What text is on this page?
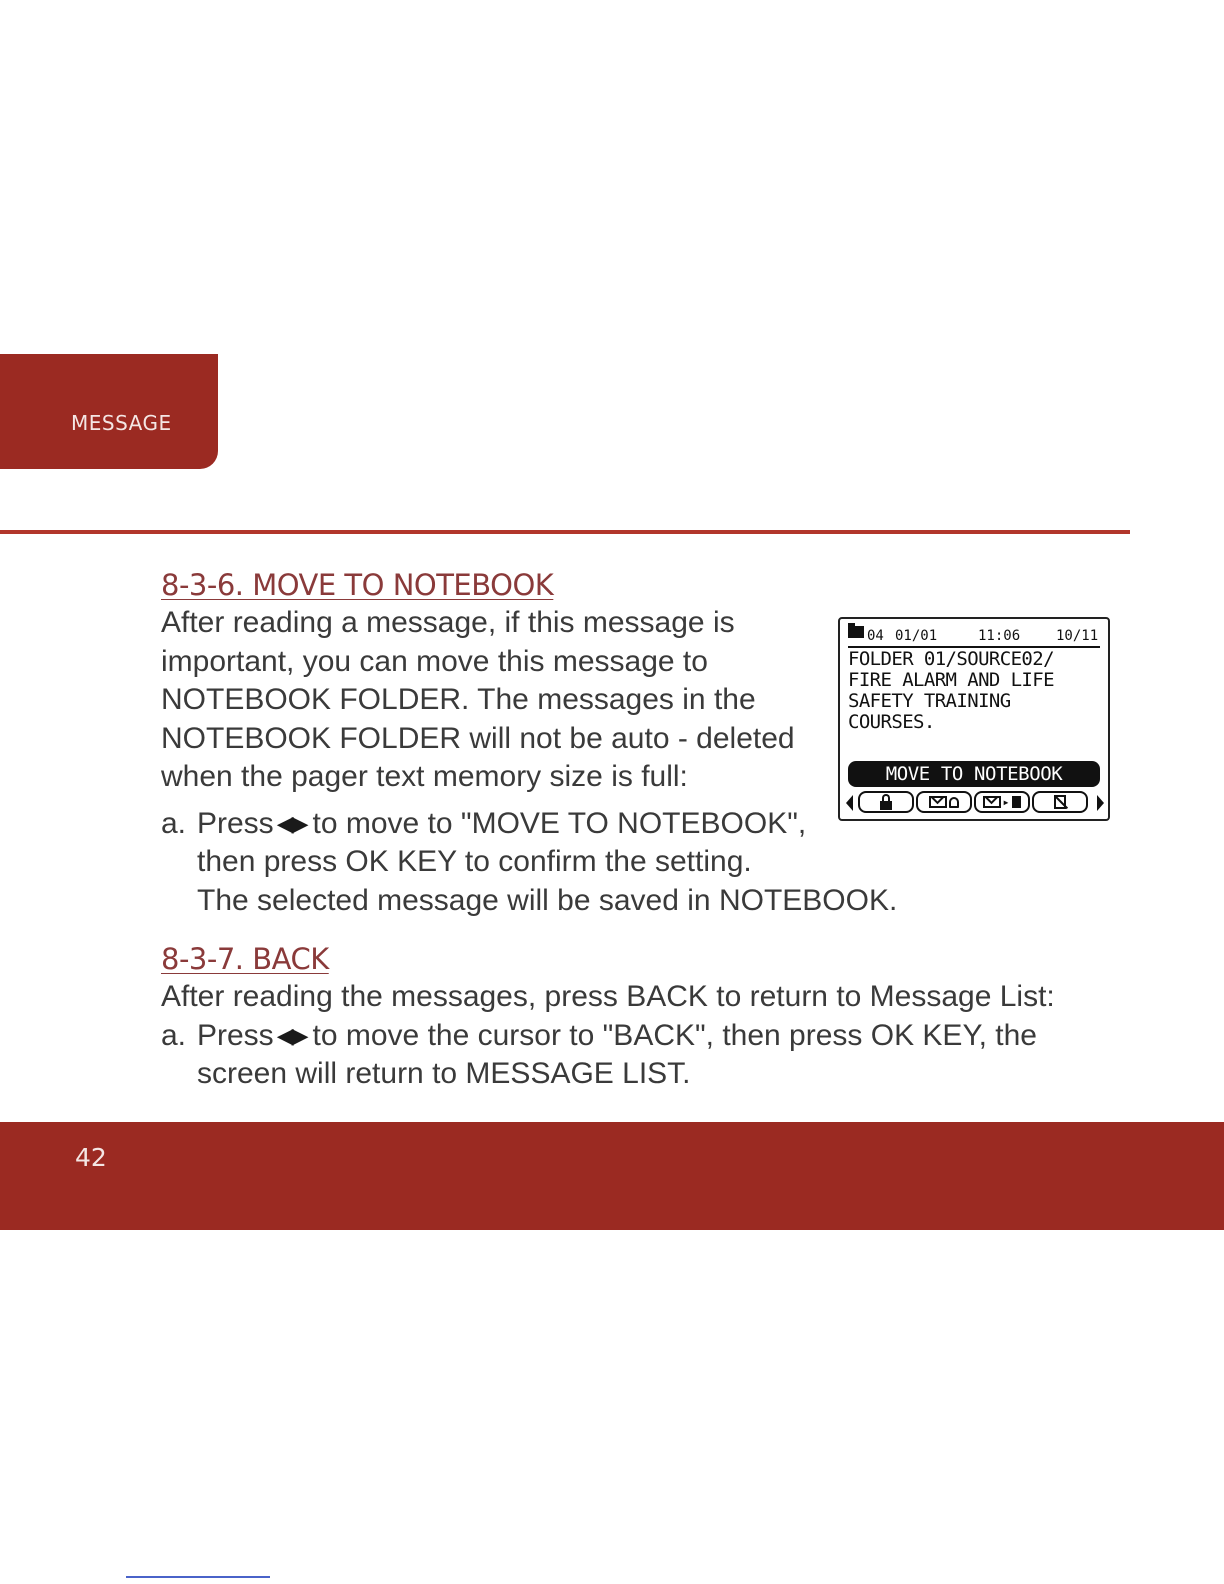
MESSAGE
8-3-6. MOVE TO NOTEBOOK
After reading a message, if this message is
important, you can move this message to
NOTEBOOK FOLDER. The messages in the
NOTEBOOK FOLDER will not be auto - deleted
when the pager text memory size is full:
a. Press ◀▶ to move to "MOVE TO NOTEBOOK",
then press OK KEY to confirm the setting.
The selected message will be saved in NOTEBOOK.
8-3-7. BACK
After reading the messages, press BACK to return to Message List:
a. Press ◀▶ to move the cursor to "BACK", then press OK KEY, the
screen will return to MESSAGE LIST.
04 01/01	11:06	10/11
FOLDER 01/SOURCE02/
FIRE ALARM AND LIFE
SAFETY TRAINING
COURSES.
MOVE TO NOTEBOOK
▸
42
